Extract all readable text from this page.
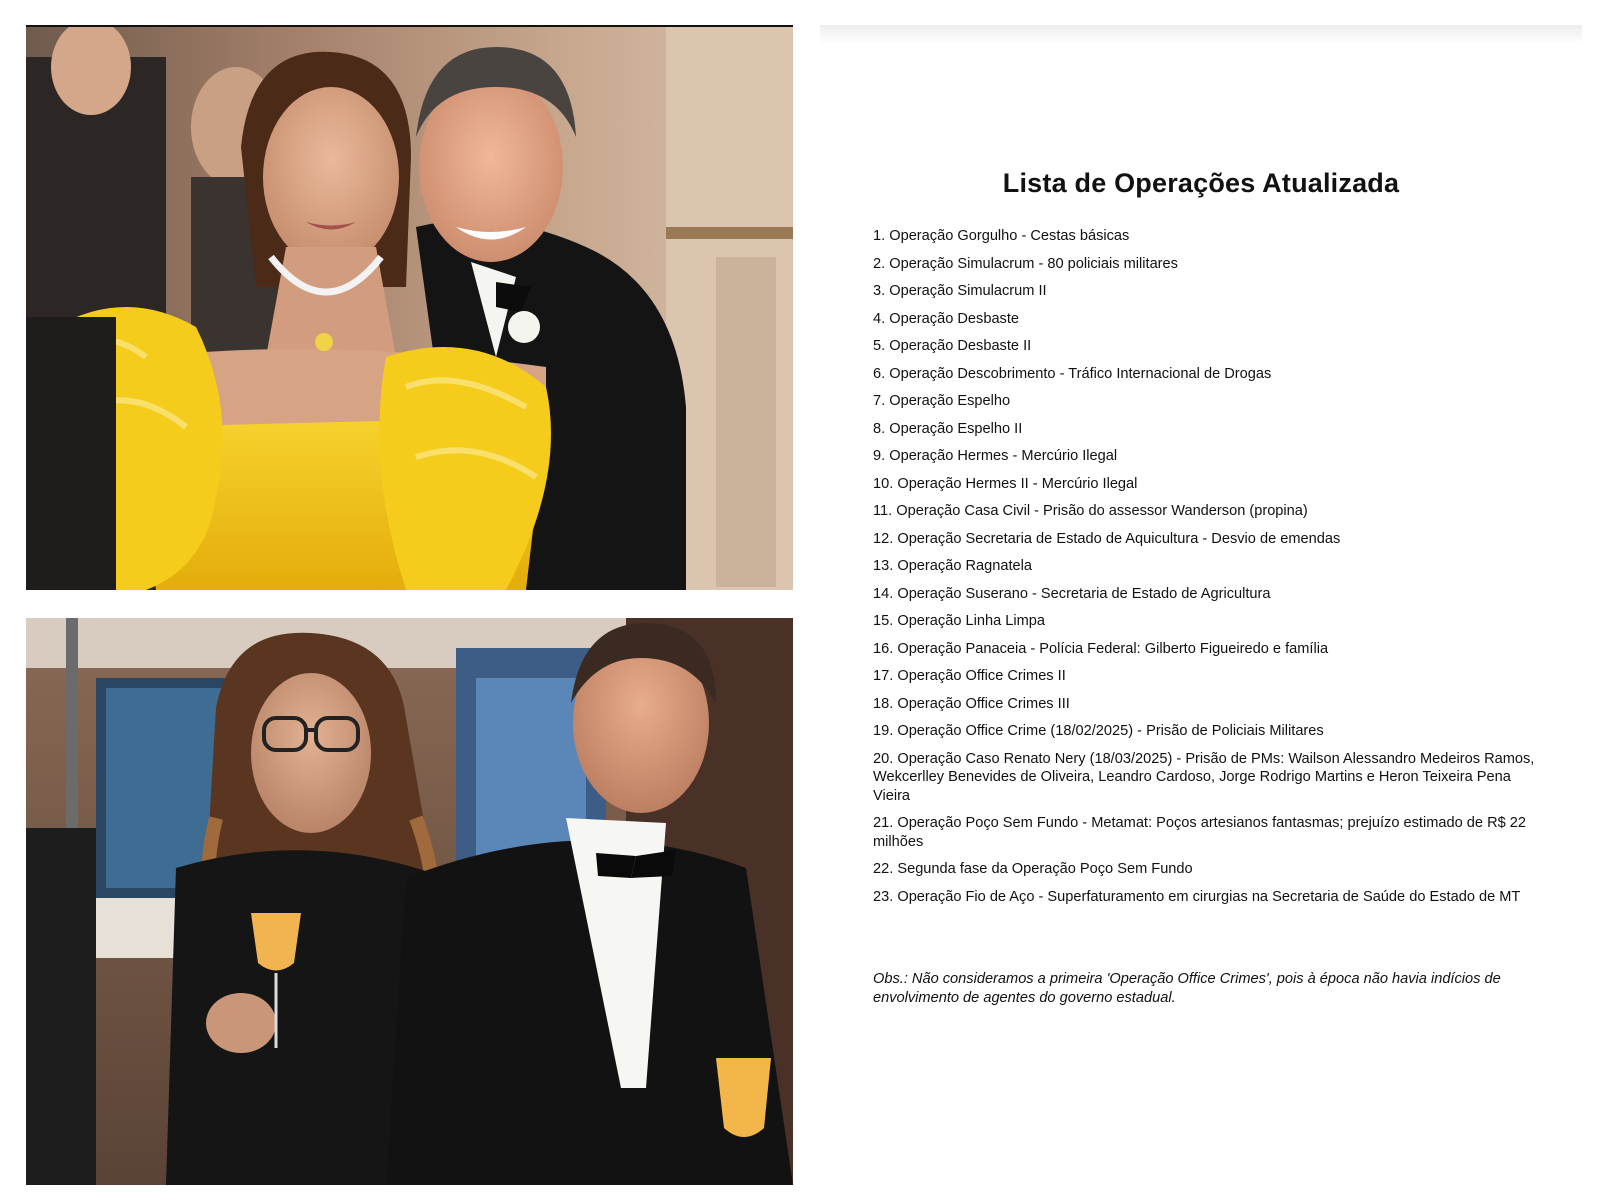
Lista de Operações Atualizada
1. Operação Gorgulho - Cestas básicas
2. Operação Simulacrum - 80 policiais militares
3. Operação Simulacrum II
4. Operação Desbaste
5. Operação Desbaste II
6. Operação Descobrimento - Tráfico Internacional de Drogas
7. Operação Espelho
8. Operação Espelho II
9. Operação Hermes - Mercúrio Ilegal
10. Operação Hermes II - Mercúrio Ilegal
11. Operação Casa Civil - Prisão do assessor Wanderson (propina)
12. Operação Secretaria de Estado de Aquicultura - Desvio de emendas
13. Operação Ragnatela
14. Operação Suserano - Secretaria de Estado de Agricultura
15. Operação Linha Limpa
16. Operação Panaceia - Polícia Federal: Gilberto Figueiredo e família
17. Operação Office Crimes II
18. Operação Office Crimes III
19. Operação Office Crime (18/02/2025) - Prisão de Policiais Militares
20. Operação Caso Renato Nery (18/03/2025) - Prisão de PMs: Wailson Alessandro Medeiros Ramos, Wekcerlley Benevides de Oliveira, Leandro Cardoso, Jorge Rodrigo Martins e Heron Teixeira Pena Vieira
21. Operação Poço Sem Fundo - Metamat: Poços artesianos fantasmas; prejuízo estimado de R$ 22 milhões
22. Segunda fase da Operação Poço Sem Fundo
23. Operação Fio de Aço - Superfaturamento em cirurgias na Secretaria de Saúde do Estado de MT
Obs.: Não consideramos a primeira 'Operação Office Crimes', pois à época não havia indícios de envolvimento de agentes do governo estadual.
